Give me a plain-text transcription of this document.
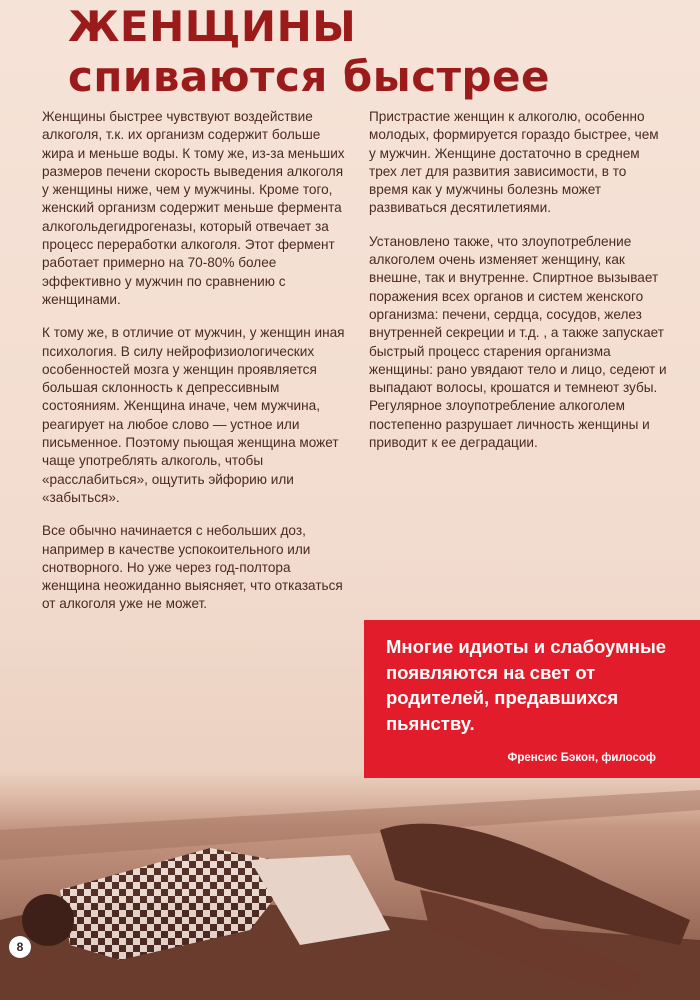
ЖЕНЩИНЫ
спиваются быстрее

Женщины быстрее чувствуют воздействие алкоголя, т.к. их организм содержит больше жира и меньше воды. К тому же, из-за меньших размеров печени скорость выведения алкоголя у женщины ниже, чем у мужчины. Кроме того, женский организм содержит меньше фермента алкогольдегидрогеназы, который отвечает за процесс переработки алкоголя. Этот фермент работает примерно на 70-80% более эффективно у мужчин по сравнению с женщинами.

К тому же, в отличие от мужчин, у женщин иная психология. В силу нейрофизиологических особенностей мозга у женщин проявляется большая склонность к депрессивным состояниям. Женщина иначе, чем мужчина, реагирует на любое слово — устное или письменное. Поэтому пьющая женщина может чаще употреблять алкоголь, чтобы «расслабиться», ощутить эйфорию или «забыться».

Все обычно начинается с небольших доз, например в качестве успокоительного или снотворного. Но уже через год-полтора женщина неожиданно выясняет, что отказаться от алкоголя уже не может.

Пристрастие женщин к алкоголю, особенно молодых, формируется гораздо быстрее, чем у мужчин. Женщине достаточно в среднем трех лет для развития зависимости, в то время как у мужчины болезнь может развиваться десятилетиями.

Установлено также, что злоупотребление алкоголем очень изменяет женщину, как внешне, так и внутренне. Спиртное вызывает поражения всех органов и систем женского организма: печени, сердца, сосудов, желез внутренней секреции и т.д. , а также запускает быстрый процесс старения организма женщины: рано увядают тело и лицо, седеют и выпадают волосы, крошатся и темнеют зубы. Регулярное злоупотребление алкоголем постепенно разрушает личность женщины и приводит к ее деградации.

Многие идиоты и слабоумные появляются на свет от родителей, предавшихся пьянству.

Френсис Бэкон, философ

8
